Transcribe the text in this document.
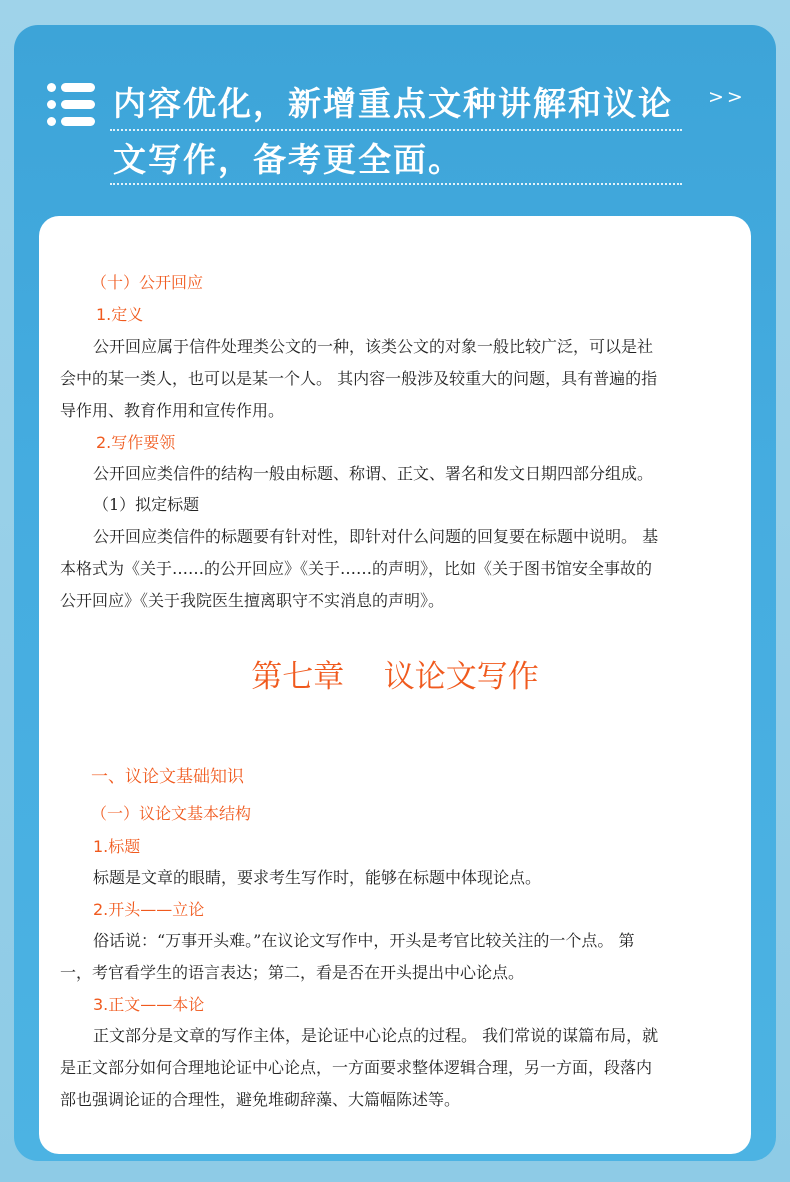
内容优化，新增重点文种讲解和议论
文写作，备考更全面。
>>
（十）公开回应
1.定义
公开回应属于信件处理类公文的一种，该类公文的对象一般比较广泛，可以是社
会中的某一类人，也可以是某一个人。 其内容一般涉及较重大的问题，具有普遍的指
导作用、教育作用和宣传作用。
2.写作要领
公开回应类信件的结构一般由标题、称谓、正文、署名和发文日期四部分组成。
（1）拟定标题
公开回应类信件的标题要有针对性，即针对什么问题的回复要在标题中说明。 基
本格式为《关于……的公开回应》《关于……的声明》，比如《关于图书馆安全事故的
公开回应》《关于我院医生擅离职守不实消息的声明》。
第七章    议论文写作
一、议论文基础知识
（一）议论文基本结构
1.标题
标题是文章的眼睛，要求考生写作时，能够在标题中体现论点。
2.开头——立论
俗话说：“万事开头难。”在议论文写作中，开头是考官比较关注的一个点。 第
一，考官看学生的语言表达；第二，看是否在开头提出中心论点。
3.正文——本论
正文部分是文章的写作主体，是论证中心论点的过程。 我们常说的谋篇布局，就
是正文部分如何合理地论证中心论点，一方面要求整体逻辑合理，另一方面，段落内
部也强调论证的合理性，避免堆砌辞藻、大篇幅陈述等。
